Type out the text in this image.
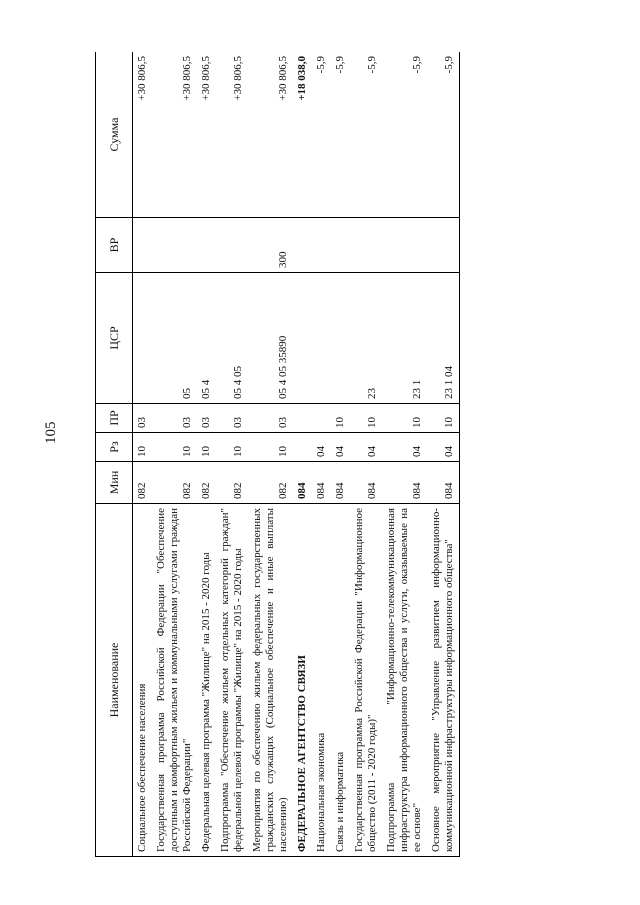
105
Наименование	Мин	Рз	ПР	ЦСР	ВР	Сумма
Социальное обеспечение населения	082	10	03			+30 806,5
Государственная программа Российской Федерации "Обеспечение доступным и комфортным жильем и коммунальными услугами граждан Российской Федерации"	082	10	03	05		+30 806,5
Федеральная целевая программа "Жилище" на 2015 - 2020 годы	082	10	03	05 4		+30 806,5
Подпрограмма "Обеспечение жильем отдельных категорий граждан" федеральной целевой программы "Жилище" на 2015 - 2020 годы	082	10	03	05 4 05		+30 806,5
Мероприятия по обеспечению жильем федеральных государственных гражданских служащих (Социальное обеспечение и иные выплаты населению)	082	10	03	05 4 05 35890	300	+30 806,5
ФЕДЕРАЛЬНОЕ АГЕНТСТВО СВЯЗИ	084					+18 038,0
Национальная экономика	084	04				-5,9
Связь и информатика	084	04	10			-5,9
Государственная программа Российской Федерации "Информационное общество (2011 - 2020 годы)"	084	04	10	23		-5,9
Подпрограмма "Информационно-телекоммуникационная инфраструктура информационного общества и услуги, оказываемые на ее основе"	084	04	10	23 1		-5,9
Основное мероприятие "Управление развитием информационно-коммуникационной инфраструктуры информационного общества"	084	04	10	23 1 04		-5,9
